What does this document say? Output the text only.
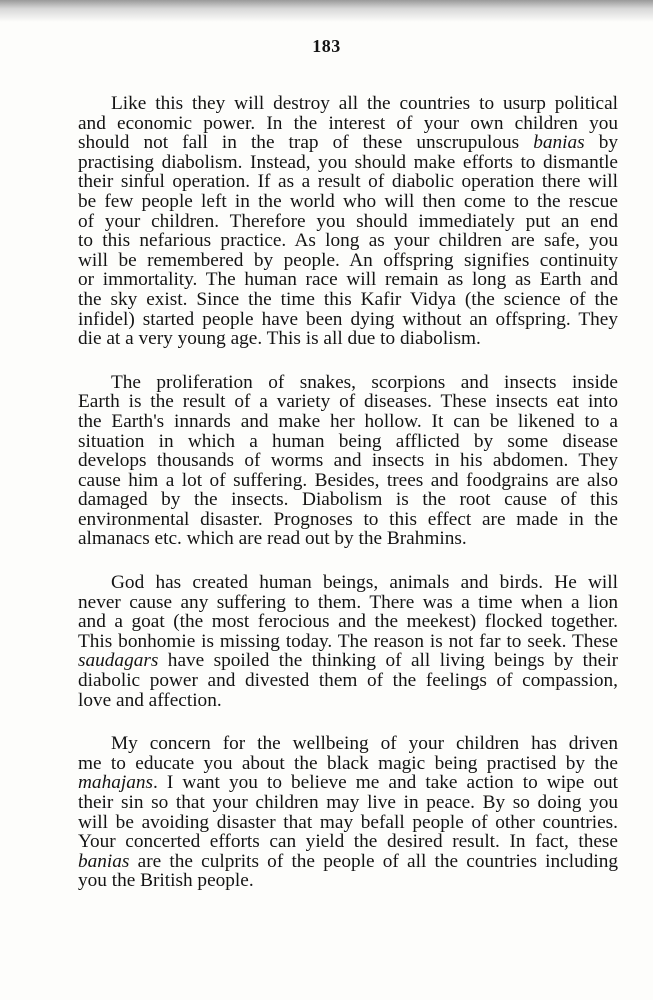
183
Like this they will destroy all the countries to usurp political
and economic power. In the interest of your own children you
should not fall in the trap of these unscrupulous banias by
practising diabolism. Instead, you should make efforts to dismantle
their sinful operation. If as a result of diabolic operation there will
be few people left in the world who will then come to the rescue
of your children. Therefore you should immediately put an end
to this nefarious practice. As long as your children are safe, you
will be remembered by people. An offspring signifies continuity
or immortality. The human race will remain as long as Earth and
the sky exist. Since the time this Kafir Vidya (the science of the
infidel) started people have been dying without an offspring. They
die at a very young age. This is all due to diabolism.
The proliferation of snakes, scorpions and insects inside
Earth is the result of a variety of diseases. These insects eat into
the Earth's innards and make her hollow. It can be likened to a
situation in which a human being afflicted by some disease
develops thousands of worms and insects in his abdomen. They
cause him a lot of suffering. Besides, trees and foodgrains are also
damaged by the insects. Diabolism is the root cause of this
environmental disaster. Prognoses to this effect are made in the
almanacs etc. which are read out by the Brahmins.
God has created human beings, animals and birds. He will
never cause any suffering to them. There was a time when a lion
and a goat (the most ferocious and the meekest) flocked together.
This bonhomie is missing today. The reason is not far to seek. These
saudagars have spoiled the thinking of all living beings by their
diabolic power and divested them of the feelings of compassion,
love and affection.
My concern for the wellbeing of your children has driven
me to educate you about the black magic being practised by the
mahajans. I want you to believe me and take action to wipe out
their sin so that your children may live in peace. By so doing you
will be avoiding disaster that may befall people of other countries.
Your concerted efforts can yield the desired result. In fact, these
banias are the culprits of the people of all the countries including
you the British people.
